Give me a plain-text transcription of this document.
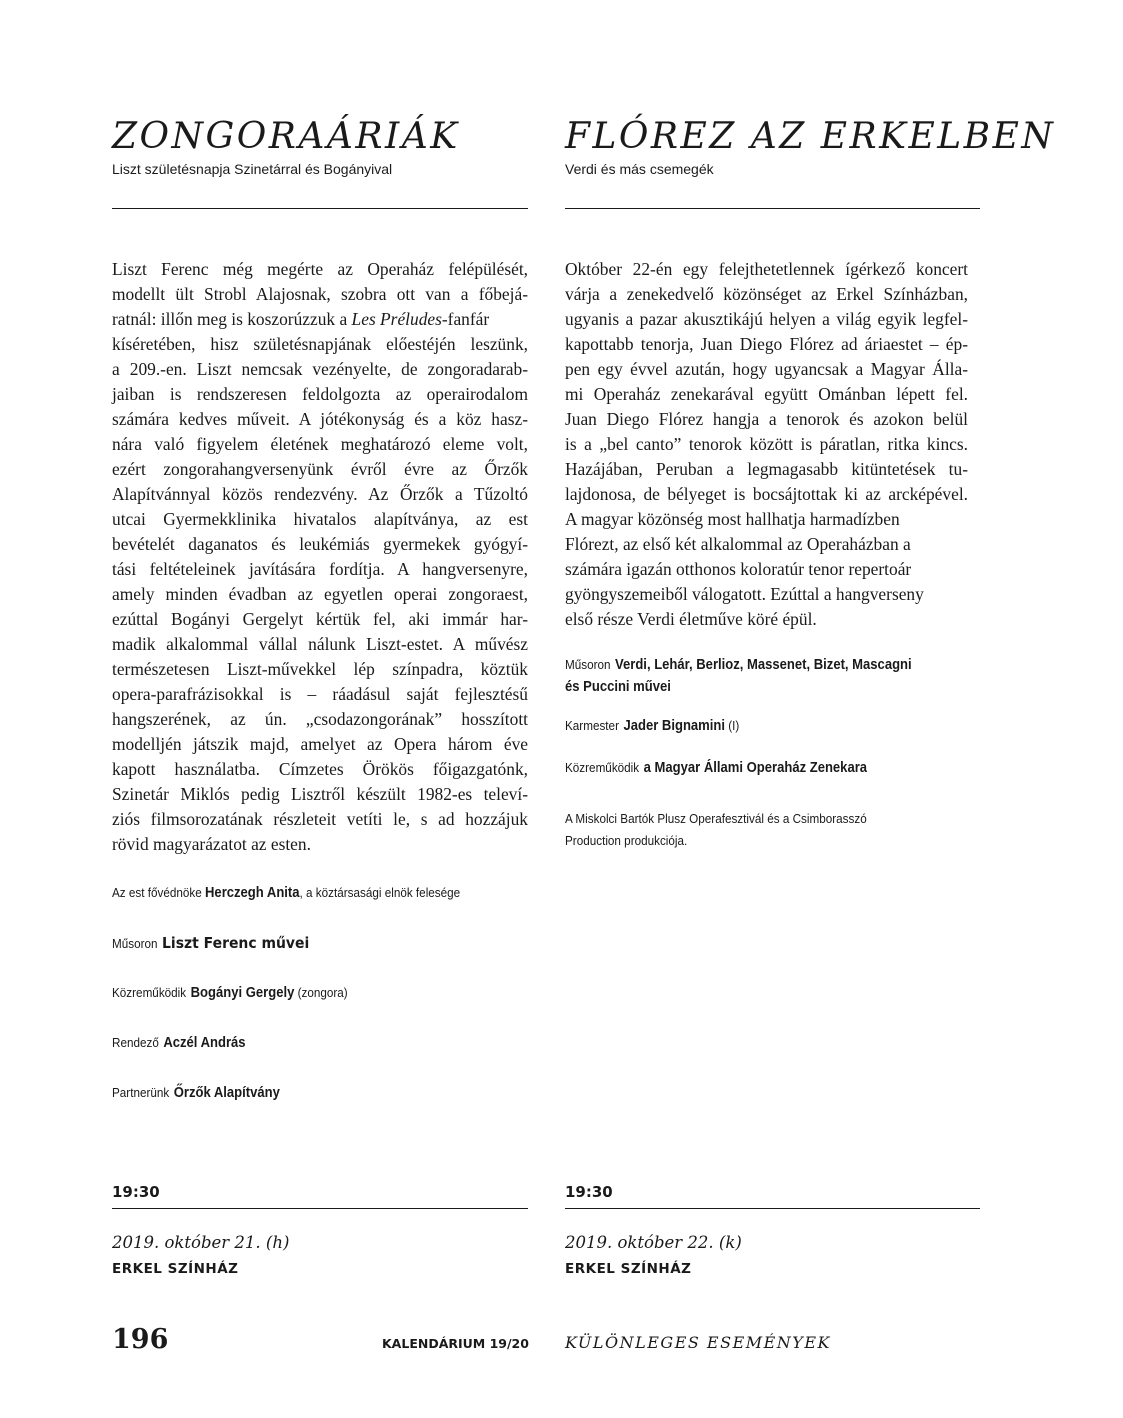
ZONGORAÁRIÁK
Liszt születésnapja Szinetárral és Bogányival
Liszt Ferenc még megérte az Operaház felépülését,
modellt ült Strobl Alajosnak, szobra ott van a főbejá-
ratnál: illőn meg is koszorúzzuk a Les Préludes-fanfár
kíséretében, hisz születésnapjának előestéjén leszünk,
a 209.-en. Liszt nemcsak vezényelte, de zongoradarab-
jaiban is rendszeresen feldolgozta az operairodalom
számára kedves műveit. A jótékonyság és a köz hasz-
nára való figyelem életének meghatározó eleme volt,
ezért zongorahangversenyünk évről évre az Őrzők
Alapítvánnyal közös rendezvény. Az Őrzők a Tűzoltó
utcai Gyermekklinika hivatalos alapítványa, az est
bevételét daganatos és leukémiás gyermekek gyógyí-
tási feltételeinek javítására fordítja. A hangversenyre,
amely minden évadban az egyetlen operai zongoraest,
ezúttal Bogányi Gergelyt kértük fel, aki immár har-
madik alkalommal vállal nálunk Liszt-estet. A művész
természetesen Liszt-művekkel lép színpadra, köztük
opera-parafrázisokkal is – ráadásul saját fejlesztésű
hangszerének, az ún. „csodazongorának” hosszított
modelljén játszik majd, amelyet az Opera három éve
kapott használatba. Címzetes Örökös főigazgatónk,
Szinetár Miklós pedig Lisztről készült 1982-es televí-
ziós filmsorozatának részleteit vetíti le, s ad hozzájuk
rövid magyarázatot az esten.
Az est fővédnöke Herczegh Anita, a köztársasági elnök felesége
Műsoron Liszt Ferenc művei
Közreműködik Bogányi Gergely (zongora)
Rendező Aczél András
Partnerünk Őrzők Alapítvány
19:30
2019. október 21. (h)
ERKEL SZÍNHÁZ
FLÓREZ AZ ERKELBEN
Verdi és más csemegék
Október 22-én egy felejthetetlennek ígérkező koncert
várja a zenekedvelő közönséget az Erkel Színházban,
ugyanis a pazar akusztikájú helyen a világ egyik legfel-
kapottabb tenorja, Juan Diego Flórez ad áriaestet – ép-
pen egy évvel azután, hogy ugyancsak a Magyar Álla-
mi Operaház zenekarával együtt Ománban lépett fel.
Juan Diego Flórez hangja a tenorok és azokon belül
is a „bel canto” tenorok között is páratlan, ritka kincs.
Hazájában, Peruban a legmagasabb kitüntetések tu-
lajdonosa, de bélyeget is bocsájtottak ki az arcképével.
A magyar közönség most hallhatja harmadízben
Flórezt, az első két alkalommal az Operaházban a
számára igazán otthonos koloratúr tenor repertoár
gyöngyszemeiből válogatott. Ezúttal a hangverseny
első része Verdi életműve köré épül.
Műsoron Verdi, Lehár, Berlioz, Massenet, Bizet, Mascagni
és Puccini művei
Karmester Jader Bignamini (I)
Közreműködik a Magyar Állami Operaház Zenekara
A Miskolci Bartók Plusz Operafesztivál és a Csimborasszó
Production produkciója.
19:30
2019. október 22. (k)
ERKEL SZÍNHÁZ
196	KALENDÁRIUM 19/20 KÜLÖNLEGES ESEMÉNYEK
